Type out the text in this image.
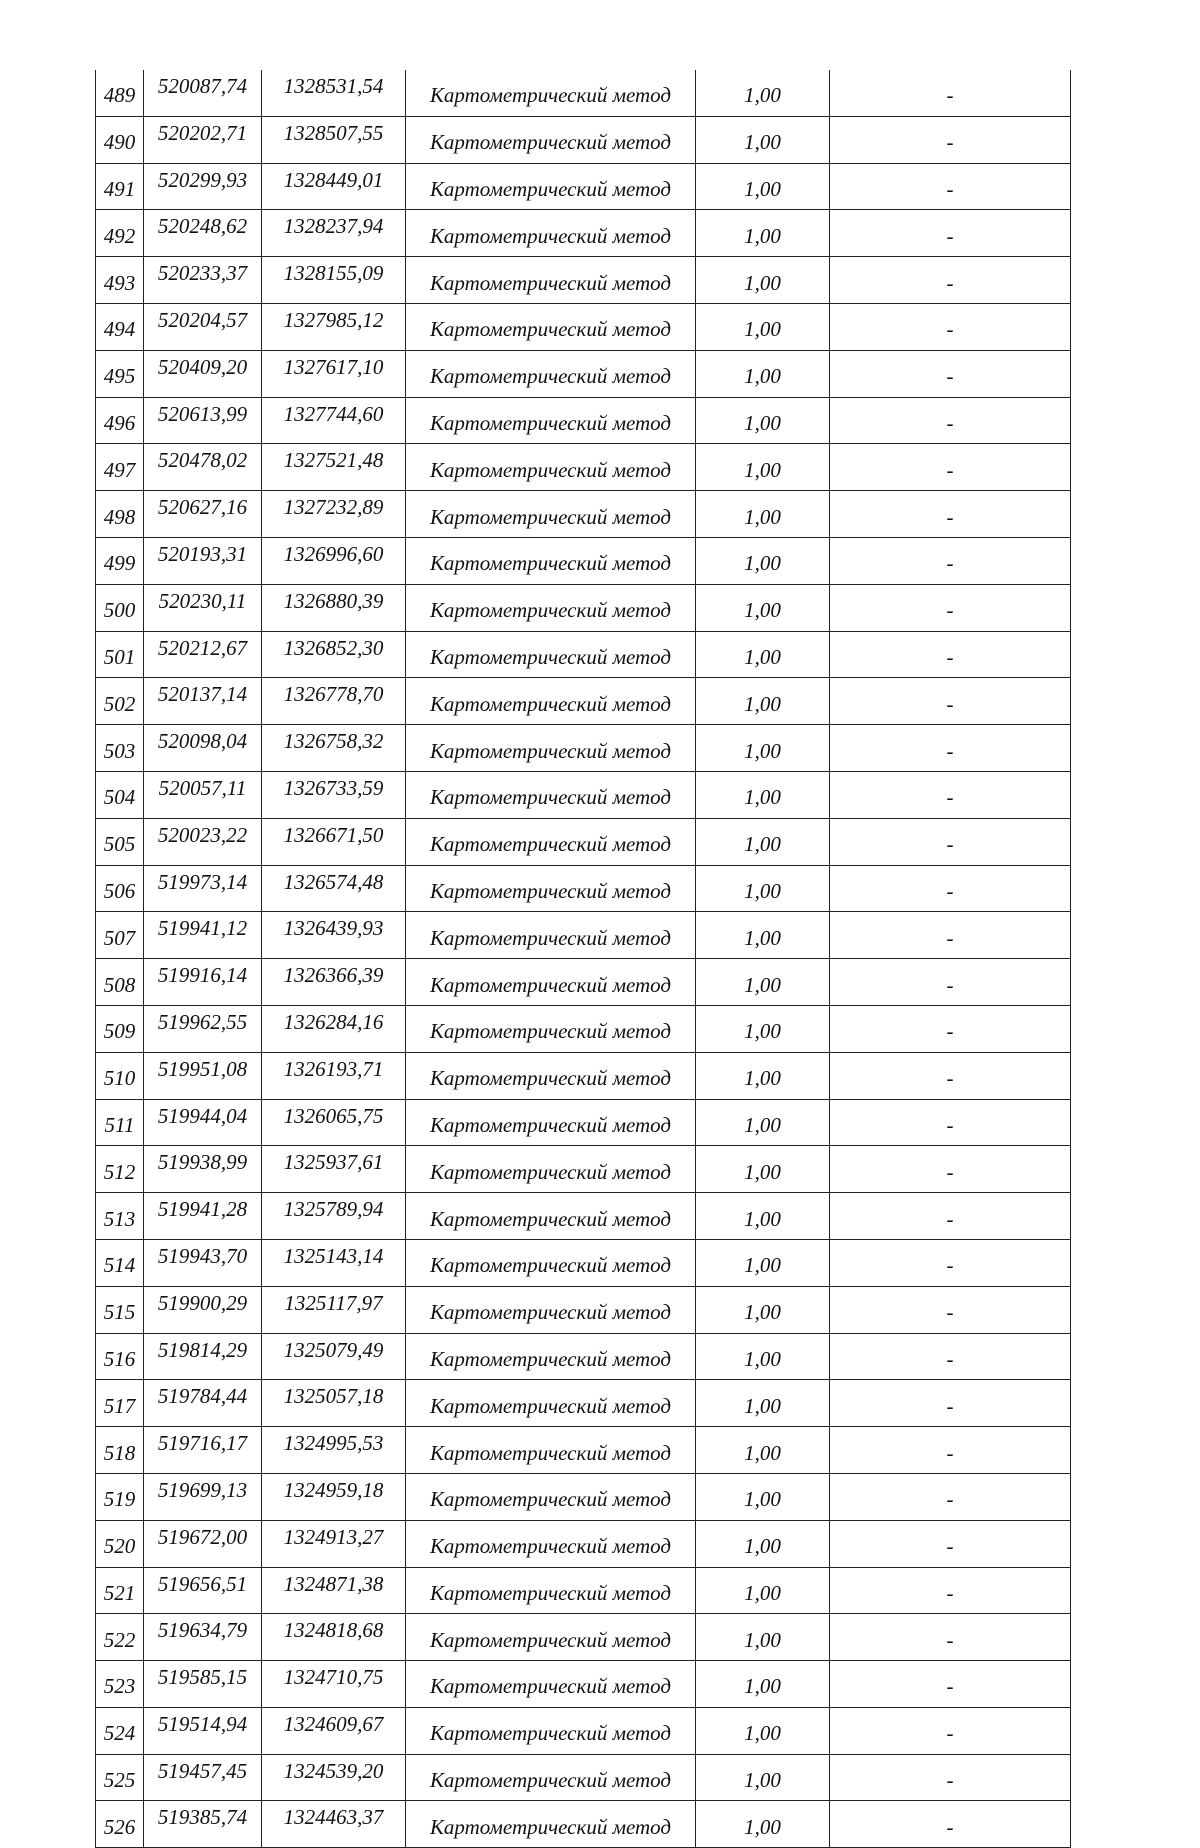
489	520087,74	1328531,54	Картометрический метод	1,00	-
490	520202,71	1328507,55	Картометрический метод	1,00	-
491	520299,93	1328449,01	Картометрический метод	1,00	-
492	520248,62	1328237,94	Картометрический метод	1,00	-
493	520233,37	1328155,09	Картометрический метод	1,00	-
494	520204,57	1327985,12	Картометрический метод	1,00	-
495	520409,20	1327617,10	Картометрический метод	1,00	-
496	520613,99	1327744,60	Картометрический метод	1,00	-
497	520478,02	1327521,48	Картометрический метод	1,00	-
498	520627,16	1327232,89	Картометрический метод	1,00	-
499	520193,31	1326996,60	Картометрический метод	1,00	-
500	520230,11	1326880,39	Картометрический метод	1,00	-
501	520212,67	1326852,30	Картометрический метод	1,00	-
502	520137,14	1326778,70	Картометрический метод	1,00	-
503	520098,04	1326758,32	Картометрический метод	1,00	-
504	520057,11	1326733,59	Картометрический метод	1,00	-
505	520023,22	1326671,50	Картометрический метод	1,00	-
506	519973,14	1326574,48	Картометрический метод	1,00	-
507	519941,12	1326439,93	Картометрический метод	1,00	-
508	519916,14	1326366,39	Картометрический метод	1,00	-
509	519962,55	1326284,16	Картометрический метод	1,00	-
510	519951,08	1326193,71	Картометрический метод	1,00	-
511	519944,04	1326065,75	Картометрический метод	1,00	-
512	519938,99	1325937,61	Картометрический метод	1,00	-
513	519941,28	1325789,94	Картометрический метод	1,00	-
514	519943,70	1325143,14	Картометрический метод	1,00	-
515	519900,29	1325117,97	Картометрический метод	1,00	-
516	519814,29	1325079,49	Картометрический метод	1,00	-
517	519784,44	1325057,18	Картометрический метод	1,00	-
518	519716,17	1324995,53	Картометрический метод	1,00	-
519	519699,13	1324959,18	Картометрический метод	1,00	-
520	519672,00	1324913,27	Картометрический метод	1,00	-
521	519656,51	1324871,38	Картометрический метод	1,00	-
522	519634,79	1324818,68	Картометрический метод	1,00	-
523	519585,15	1324710,75	Картометрический метод	1,00	-
524	519514,94	1324609,67	Картометрический метод	1,00	-
525	519457,45	1324539,20	Картометрический метод	1,00	-
526	519385,74	1324463,37	Картометрический метод	1,00	-
